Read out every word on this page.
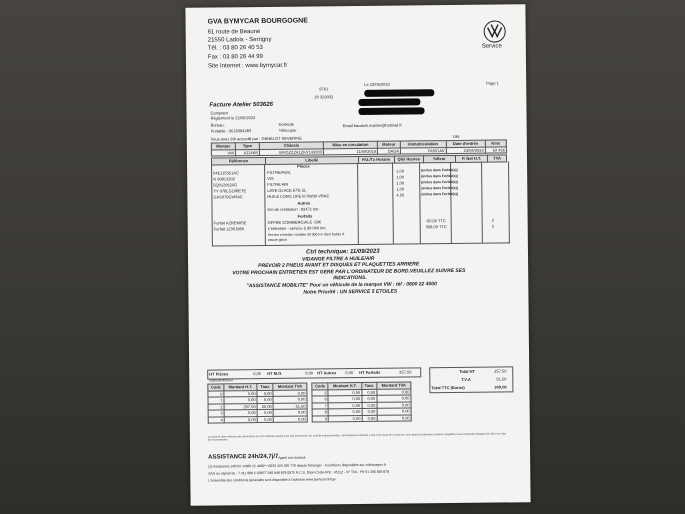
GVA BYMYCAR BOURGOGNE
61 route de Beaune
21550 Ladoix - Serrigny
Tél. : 03 80 26 40 53
Fax : 03 80 26 44 99
Site Internet : www.bymycar.fr
Service
9761
20 323032
Le 22/05/2023	Page 1
Facture Atelier 503626
Comptant
Règlement le 22/05/2023
Bureau :
Portable : 0618384283
Domicile
Télécopie :
Email bauduin.marine@hotmail.fr
Vous avez été accueilli par : GENELOT SEVERINE	196
Marque	Type	Châssis	Mise en circulation	Moteur	Immatriculation	Date d'entrée	Kms
VW	A114KE	WVGZZZA1ZKV149300	11/09/2019	DADA	FA501AV	24/04/2023	63 466
Référence	Libellé	P.U./Tx Horaire	Qté/ Heures	%Rem	P. Net H.T.	TVA
Pièces
04E115561AC	FILTRE/HUIL	1,00	(inclus dans Forfait(s))
N 90813202	VIS	1,00	(inclus dans Forfait(s))
5Q0129620G	FILTRE AIR	1,00	(inclus dans Forfait(s))
YY 078LG108ETE	LAVE GLACE ETE 5L	1,00	(inclus dans Forfait(s))
GAS070GVRAC	HUILE LONG LIFE III 0W30 VRAC	4,50	(inclus dans Forfait(s))
Autres
Km de restitution : 82471 km
Forfaits
Forfait AZREMISE	OFFRE COMMERCIALE -50€	-50,00 TTC	2
Forfait 12301989	L'entretien - service à 90 000 km	358,00 TTC	2
Service entretien variable 90 000 km dans balais d'
essuie-glace
Ctrl technique: 11/09/2023
VIDANGE FILTRE A HUILE/AIR
PREVOIR 2 PNEUS AVANT ET DISQUES ET PLAQUETTES ARRIERE
VOTRE PROCHAIN ENTRETIEN EST GERE PAR L'ORDINATEUR DE BORD.VEUILLEZ SUIVRE SES
INDICATIONS.
"ASSISTANCE MOBILITE" Pour un véhicule de la marque VW : tél : 0800 22 4000
Notre Priorité : UN SERVICE 5 ETOILES
HT Pièces	0,00 HT M.O.	0,00 HT Autres 0,00 HT Forfaits	257,50
Ingrédients/Div/
Code	Montant H.T.	Taux	Montant TVA
0	0,00	0,00	0,00
1	0,00	0,00	0,00
2	257,50	20,00	51,50
3	0,00	0,00	0,00
4	0,00	0,00	0,00
Code	Montant H.T.	Taux	Montant TVA
5	0,00	0,00	0,00
6	0,00	0,00	0,00
7	0,00	0,00	0,00
8	0,00	0,00	0,00
9	0,00	0,00	0,00
Total HT	257,50
T.V.A	51,50
Total TTC (Euros)	309,00
Lorsque le client effectue des réparations sur son véhicule équipé pour des besoins de son activité professionnelle, conformément à l'article L.441-6 du Code de commerce, tout retard de paiement entraîne l'exigibilité d'une indemnité forfaitaire de 40€ pour frais de recouvrement.
ASSISTANCE 24h/24,7j/7
* Appel non surtaxé
(1) Assistance 24h/24: 0 800 22 4000* / 0033 426 295 770 depuis l'étranger - Conditions disponibles sur volkswagen.fr
SAS au capital de : 7 411 880 € SIRET 390 848 878 0075 R.C.S. Dijon Code APE : 4511Z - N° TVA : FR 61 390 848 878
L'ensemble des conditions générales sont disponible à l'adresse www.bymycar.fr/cgv
